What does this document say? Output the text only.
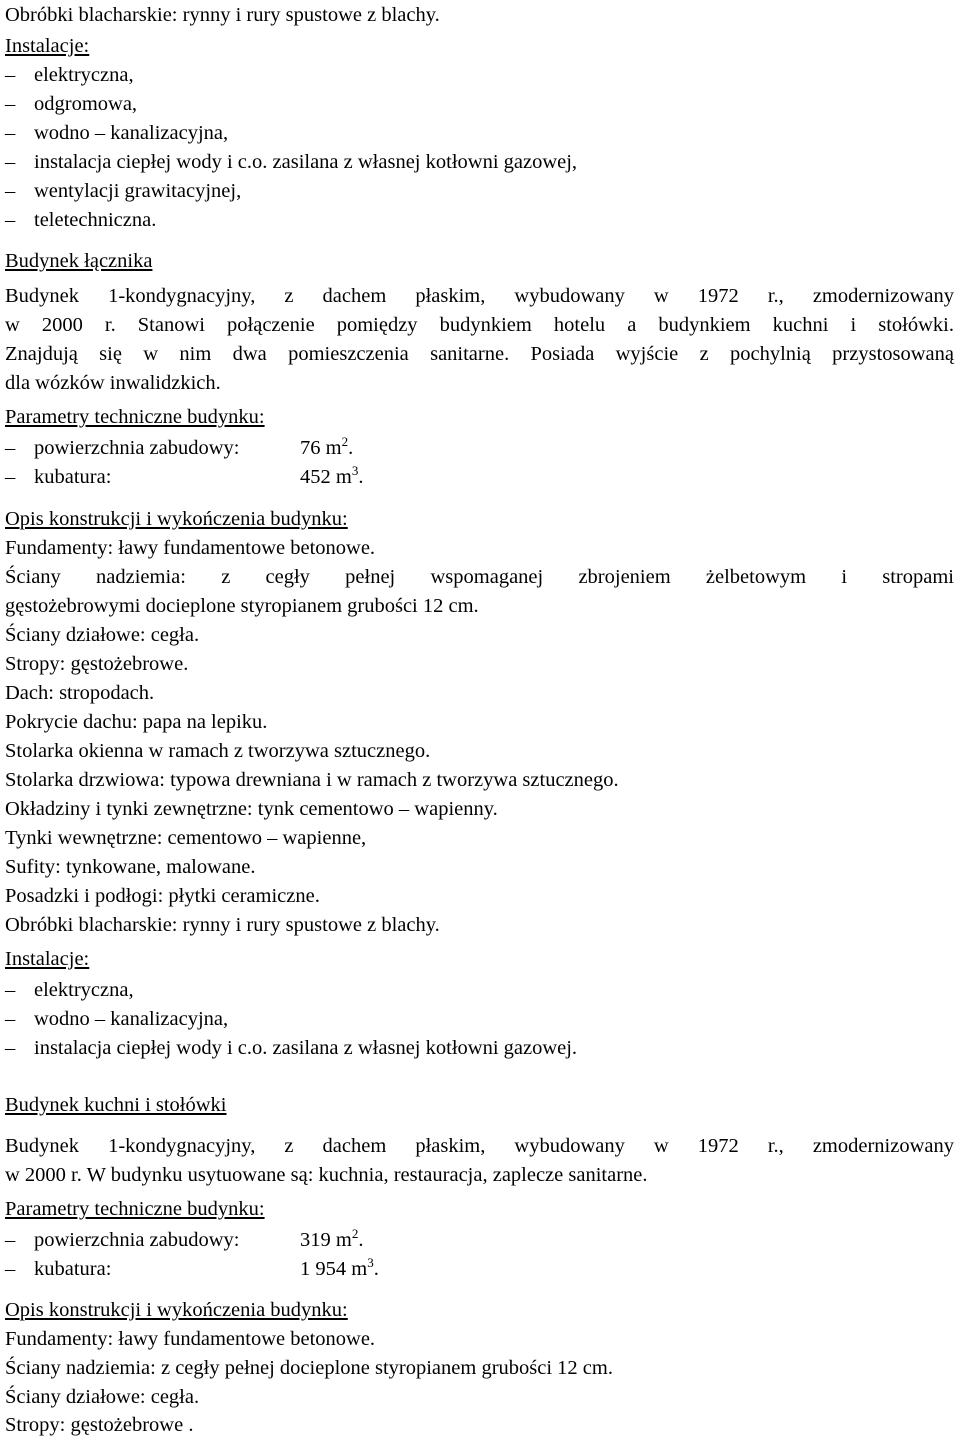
Obróbki blacharskie: rynny i rury spustowe z blachy.
Instalacje:
– elektryczna,
– odgromowa,
– wodno – kanalizacyjna,
– instalacja ciepłej wody i c.o. zasilana z własnej kotłowni gazowej,
– wentylacji grawitacyjnej,
– teletechniczna.
Budynek łącznika
Budynek 1-kondygnacyjny, z dachem płaskim, wybudowany w 1972 r., zmodernizowany
w 2000 r. Stanowi połączenie pomiędzy budynkiem hotelu a budynkiem kuchni i stołówki.
Znajdują się w nim dwa pomieszczenia sanitarne. Posiada wyjście z pochylnią przystosowaną
dla wózków inwalidzkich.
Parametry techniczne budynku:
– powierzchnia zabudowy:	76 $m^2$.
– kubatura:	452 $m^3$.
Opis konstrukcji i wykończenia budynku:
Fundamenty: ławy fundamentowe betonowe.
Ściany nadziemia: z cegły pełnej wspomaganej zbrojeniem żelbetowym i stropami
gęstożebrowymi docieplone styropianem grubości 12 cm.
Ściany działowe: cegła.
Stropy: gęstożebrowe.
Dach: stropodach.
Pokrycie dachu: papa na lepiku.
Stolarka okienna w ramach z tworzywa sztucznego.
Stolarka drzwiowa: typowa drewniana i w ramach z tworzywa sztucznego.
Okładziny i tynki zewnętrzne: tynk cementowo – wapienny.
Tynki wewnętrzne: cementowo – wapienne,
Sufity: tynkowane, malowane.
Posadzki i podłogi: płytki ceramiczne.
Obróbki blacharskie: rynny i rury spustowe z blachy.
Instalacje:
– elektryczna,
– wodno – kanalizacyjna,
– instalacja ciepłej wody i c.o. zasilana z własnej kotłowni gazowej.
Budynek kuchni i stołówki
Budynek 1-kondygnacyjny, z dachem płaskim, wybudowany w 1972 r., zmodernizowany
w 2000 r. W budynku usytuowane są: kuchnia, restauracja, zaplecze sanitarne.
Parametry techniczne budynku:
– powierzchnia zabudowy:	319 $m^2$.
– kubatura:	1 954 $m^3$.
Opis konstrukcji i wykończenia budynku:
Fundamenty: ławy fundamentowe betonowe.
Ściany nadziemia: z cegły pełnej docieplone styropianem grubości 12 cm.
Ściany działowe: cegła.
Stropy: gęstożebrowe .
